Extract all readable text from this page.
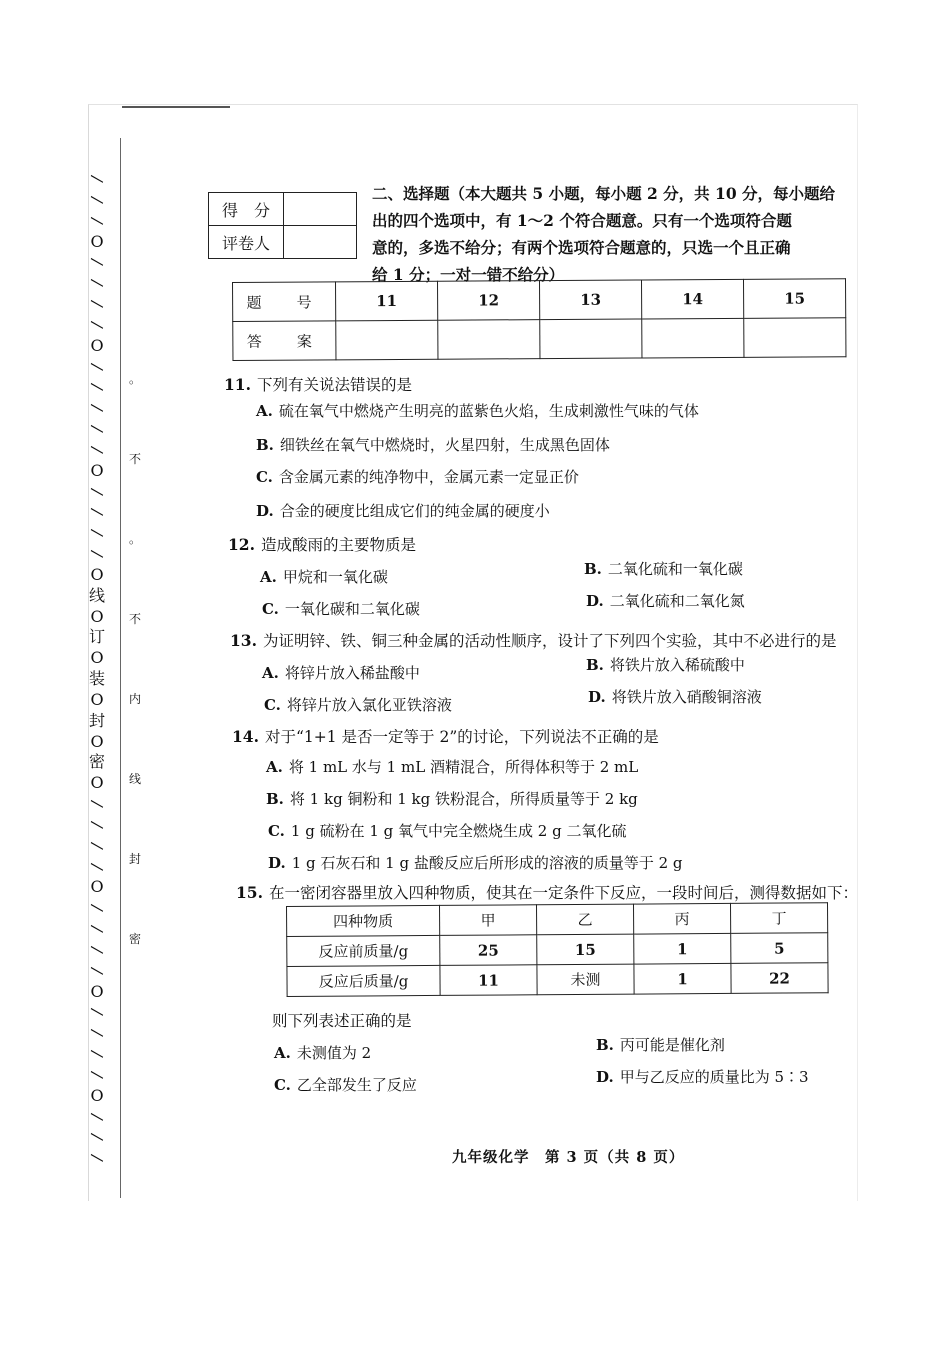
/
/
/
O
/
/
/
/
O
/
/
/
/
/
O
/
/
/
/
O
线
O
订
O
装
O
封
O
密
O
/
/
/
/
O
/
/
/
/
O
/
/
/
/
O
/
/
/
。
不
。
不
内
线
封
密
得　分	
评卷人	
二、选择题（本大题共 5 小题，每小题 2 分，共 10 分，每小题给
出的四个选项中，有 1～2 个符合题意。只有一个选项符合题
意的，多选不给分；有两个选项符合题意的，只选一个且正确
给 1 分；一对一错不给分）
题　号	11	12	13	14	15
答　案					
11. 下列有关说法错误的是
A. 硫在氧气中燃烧产生明亮的蓝紫色火焰，生成刺激性气味的气体
B. 细铁丝在氧气中燃烧时，火星四射，生成黑色固体
C. 含金属元素的纯净物中，金属元素一定显正价
D. 合金的硬度比组成它们的纯金属的硬度小
12. 造成酸雨的主要物质是
A. 甲烷和一氧化碳	B. 二氧化硫和一氧化碳
C. 一氧化碳和二氧化碳	D. 二氧化硫和二氧化氮
13. 为证明锌、铁、铜三种金属的活动性顺序，设计了下列四个实验，其中不必进行的是
A. 将锌片放入稀盐酸中	B. 将铁片放入稀硫酸中
C. 将锌片放入氯化亚铁溶液	D. 将铁片放入硝酸铜溶液
14. 对于“1+1 是否一定等于 2”的讨论，下列说法不正确的是
A. 将 1 mL 水与 1 mL 酒精混合，所得体积等于 2 mL
B. 将 1 kg 铜粉和 1 kg 铁粉混合，所得质量等于 2 kg
C. 1 g 硫粉在 1 g 氧气中完全燃烧生成 2 g 二氧化硫
D. 1 g 石灰石和 1 g 盐酸反应后所形成的溶液的质量等于 2 g
15. 在一密闭容器里放入四种物质，使其在一定条件下反应，一段时间后，测得数据如下：
四种物质	甲	乙	丙	丁
反应前质量/g	25	15	1	5
反应后质量/g	11	未测	1	22
则下列表述正确的是
A. 未测值为 2	B. 丙可能是催化剂
C. 乙全部发生了反应	D. 甲与乙反应的质量比为 5∶3
九年级化学　第 3 页（共 8 页）
